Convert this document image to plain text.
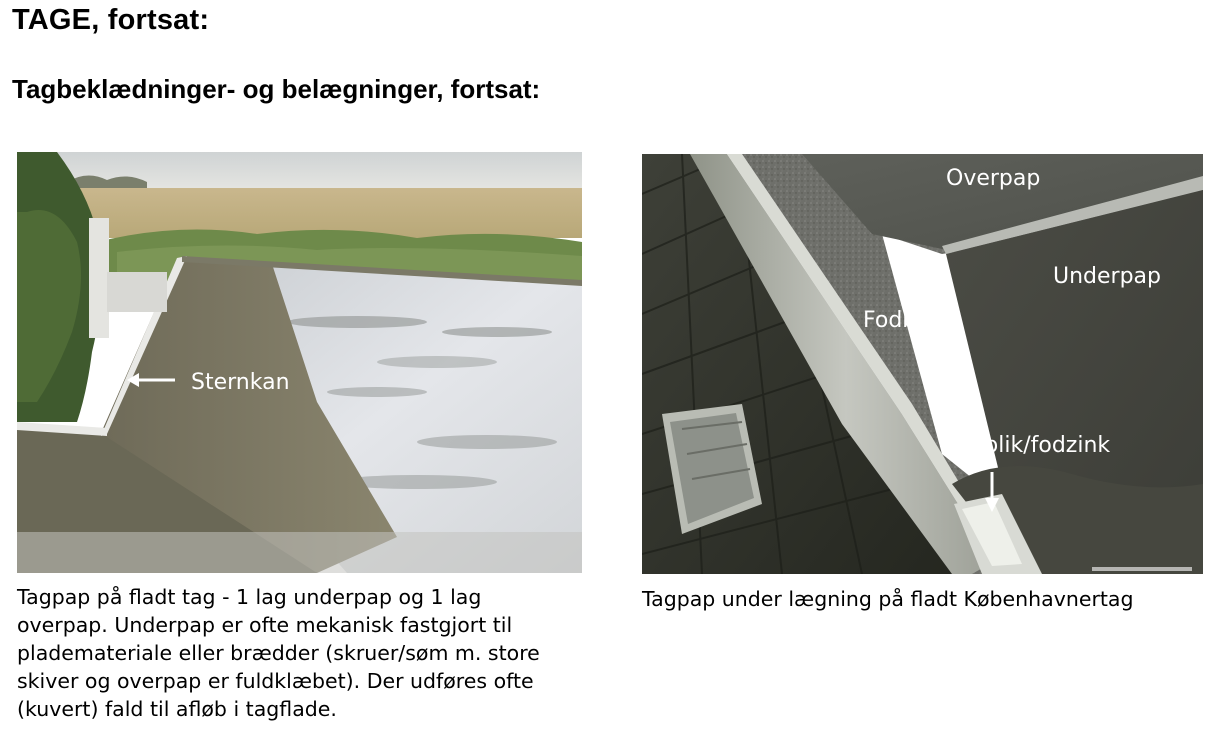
TAGE, fortsat:
Tagbeklædninger- og belægninger, fortsat:
Sternkan
Overpap
Underpap
Fodbane
Fodblik/fodzink

Tagpap på fladt tag - 1 lag underpap og 1 lag
overpap. Underpap er ofte mekanisk fastgjort til
plademateriale eller brædder (skruer/søm m. store
skiver og overpap er fuldklæbet). Der udføres ofte
(kuvert) fald til afløb i tagflade.

Tagpap under lægning på fladt Københavnertag
